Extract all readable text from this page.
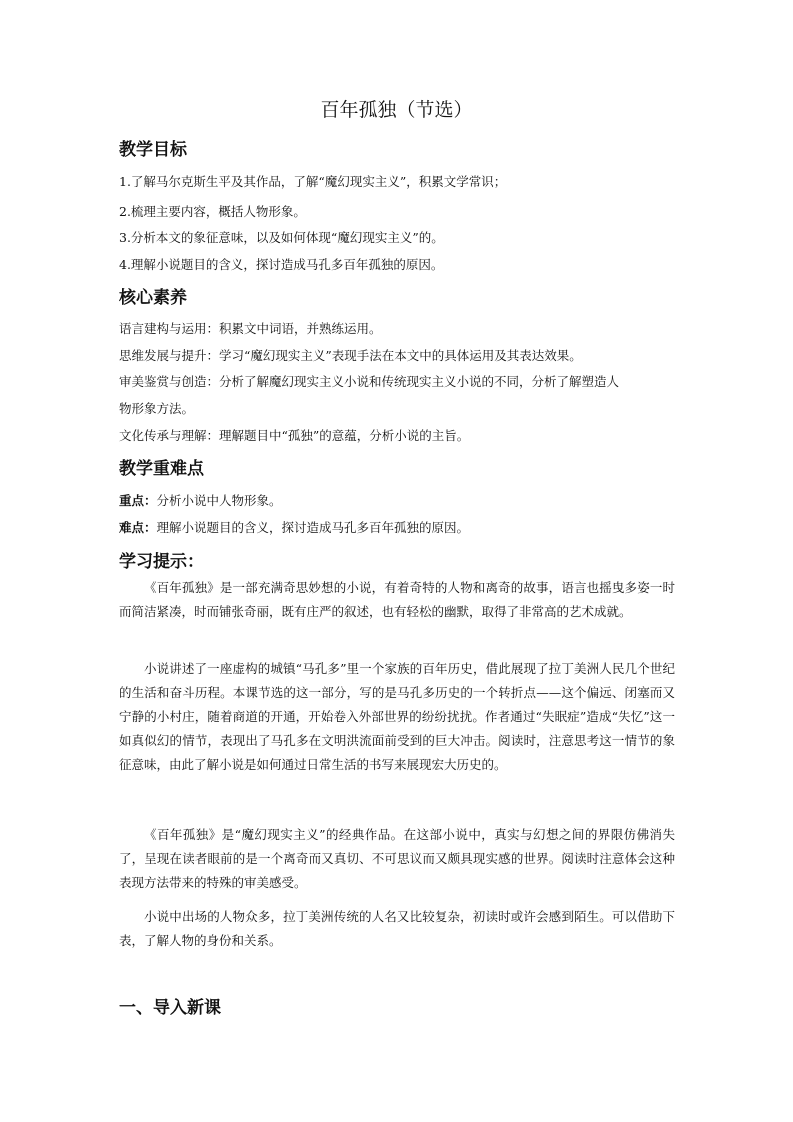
百年孤独（节选）
教学目标
1.了解马尔克斯生平及其作品，了解“魔幻现实主义”，积累文学常识；
2.梳理主要内容，概括人物形象。
3.分析本文的象征意味，以及如何体现“魔幻现实主义”的。
4.理解小说题目的含义，探讨造成马孔多百年孤独的原因。
核心素养
语言建构与运用：积累文中词语，并熟练运用。
思维发展与提升：学习“魔幻现实主义”表现手法在本文中的具体运用及其表达效果。
审美鉴赏与创造：分析了解魔幻现实主义小说和传统现实主义小说的不同，分析了解塑造人
物形象方法。
文化传承与理解：理解题目中“孤独”的意蕴，分析小说的主旨。
教学重难点
重点：分析小说中人物形象。
难点：理解小说题目的含义，探讨造成马孔多百年孤独的原因。
学习提示：

《百年孤独》是一部充满奇思妙想的小说，有着奇特的人物和离奇的故事，语言也摇曳多姿一时而简洁紧凑，时而铺张奇丽，既有庄严的叙述，也有轻松的幽默，取得了非常高的艺术成就。

小说讲述了一座虚构的城镇“马孔多”里一个家族的百年历史，借此展现了拉丁美洲人民几个世纪的生活和奋斗历程。本课节选的这一部分，写的是马孔多历史的一个转折点——这个偏远、闭塞而又宁静的小村庄，随着商道的开通，开始卷入外部世界的纷纷扰扰。作者通过“失眠症”造成“失忆”这一如真似幻的情节，表现出了马孔多在文明洪流面前受到的巨大冲击。阅读时，注意思考这一情节的象征意味，由此了解小说是如何通过日常生活的书写来展现宏大历史的。

《百年孤独》是“魔幻现实主义”的经典作品。在这部小说中，真实与幻想之间的界限仿佛消失了，呈现在读者眼前的是一个离奇而又真切、不可思议而又颇具现实感的世界。阅读时注意体会这种表现方法带来的特殊的审美感受。

小说中出场的人物众多，拉丁美洲传统的人名又比较复杂，初读时或许会感到陌生。可以借助下表，了解人物的身份和关系。

一、导入新课
